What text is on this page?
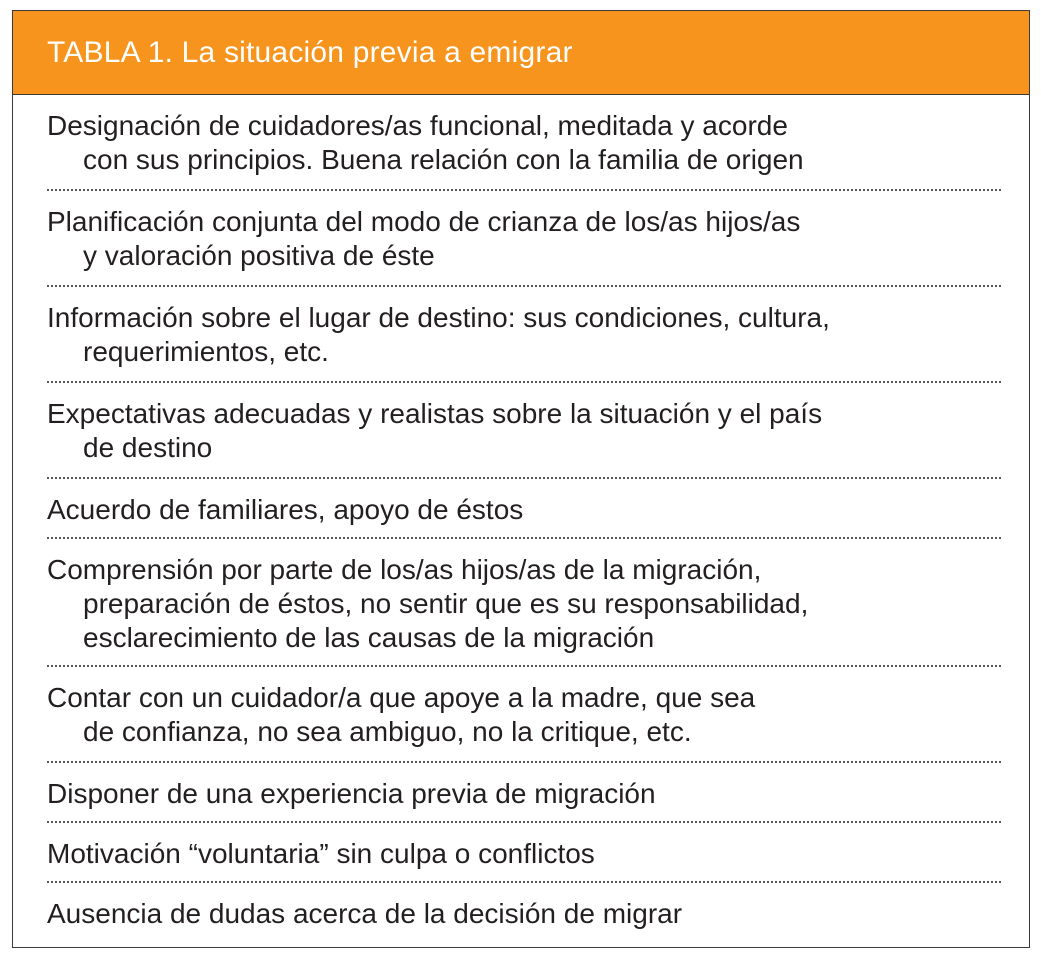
TABLA 1. La situación previa a emigrar
Designación de cuidadores/as funcional, meditada y acorde
con sus principios. Buena relación con la familia de origen
Planificación conjunta del modo de crianza de los/as hijos/as
y valoración positiva de éste
Información sobre el lugar de destino: sus condiciones, cultura,
requerimientos, etc.
Expectativas adecuadas y realistas sobre la situación y el país
de destino
Acuerdo de familiares, apoyo de éstos
Comprensión por parte de los/as hijos/as de la migración,
preparación de éstos, no sentir que es su responsabilidad,
esclarecimiento de las causas de la migración
Contar con un cuidador/a que apoye a la madre, que sea
de confianza, no sea ambiguo, no la critique, etc.
Disponer de una experiencia previa de migración
Motivación “voluntaria” sin culpa o conflictos
Ausencia de dudas acerca de la decisión de migrar
